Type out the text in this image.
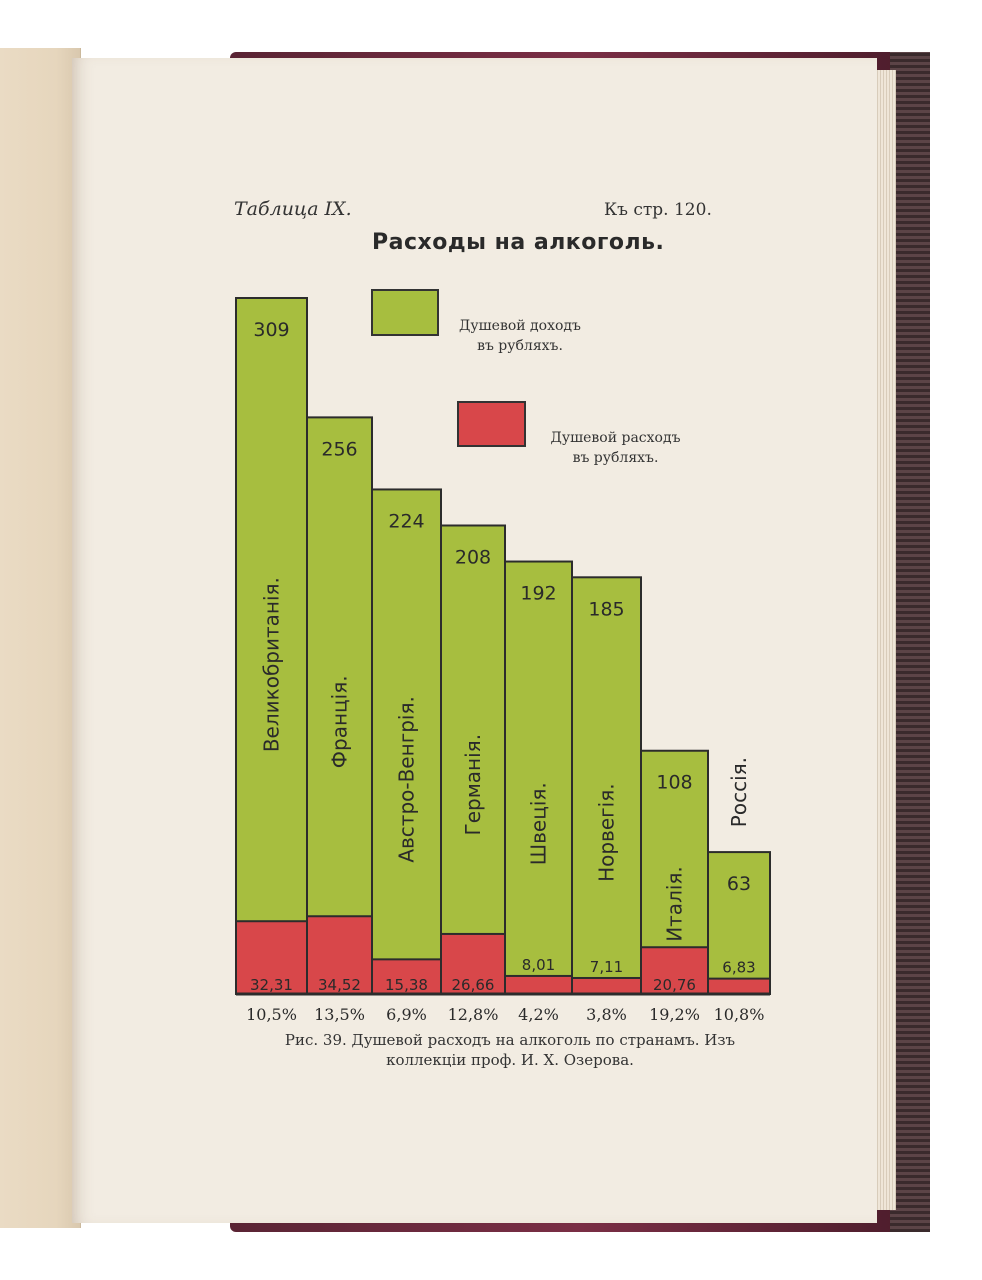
Таблица IX.	Къ стр. 120.
Расходы на алкоголь.
Душевой доходъ
въ рубляхъ.
Душевой расходъ
въ рубляхъ.
309
32,31
Великобританія.
10,5%
256
34,52
Франція.
13,5%
224
15,38
Австро-Венгрія.
6,9%
208
26,66
Германія.
12,8%
192
8,01
Швеція.
4,2%
185
7,11
Норвегія.
3,8%
108
20,76
Италія.
19,2%
63
6,83
Россія.
10,8%
Рис. 39. Душевой расходъ на алкоголь по странамъ. Изъ
коллекціи проф. И. Х. Озерова.
